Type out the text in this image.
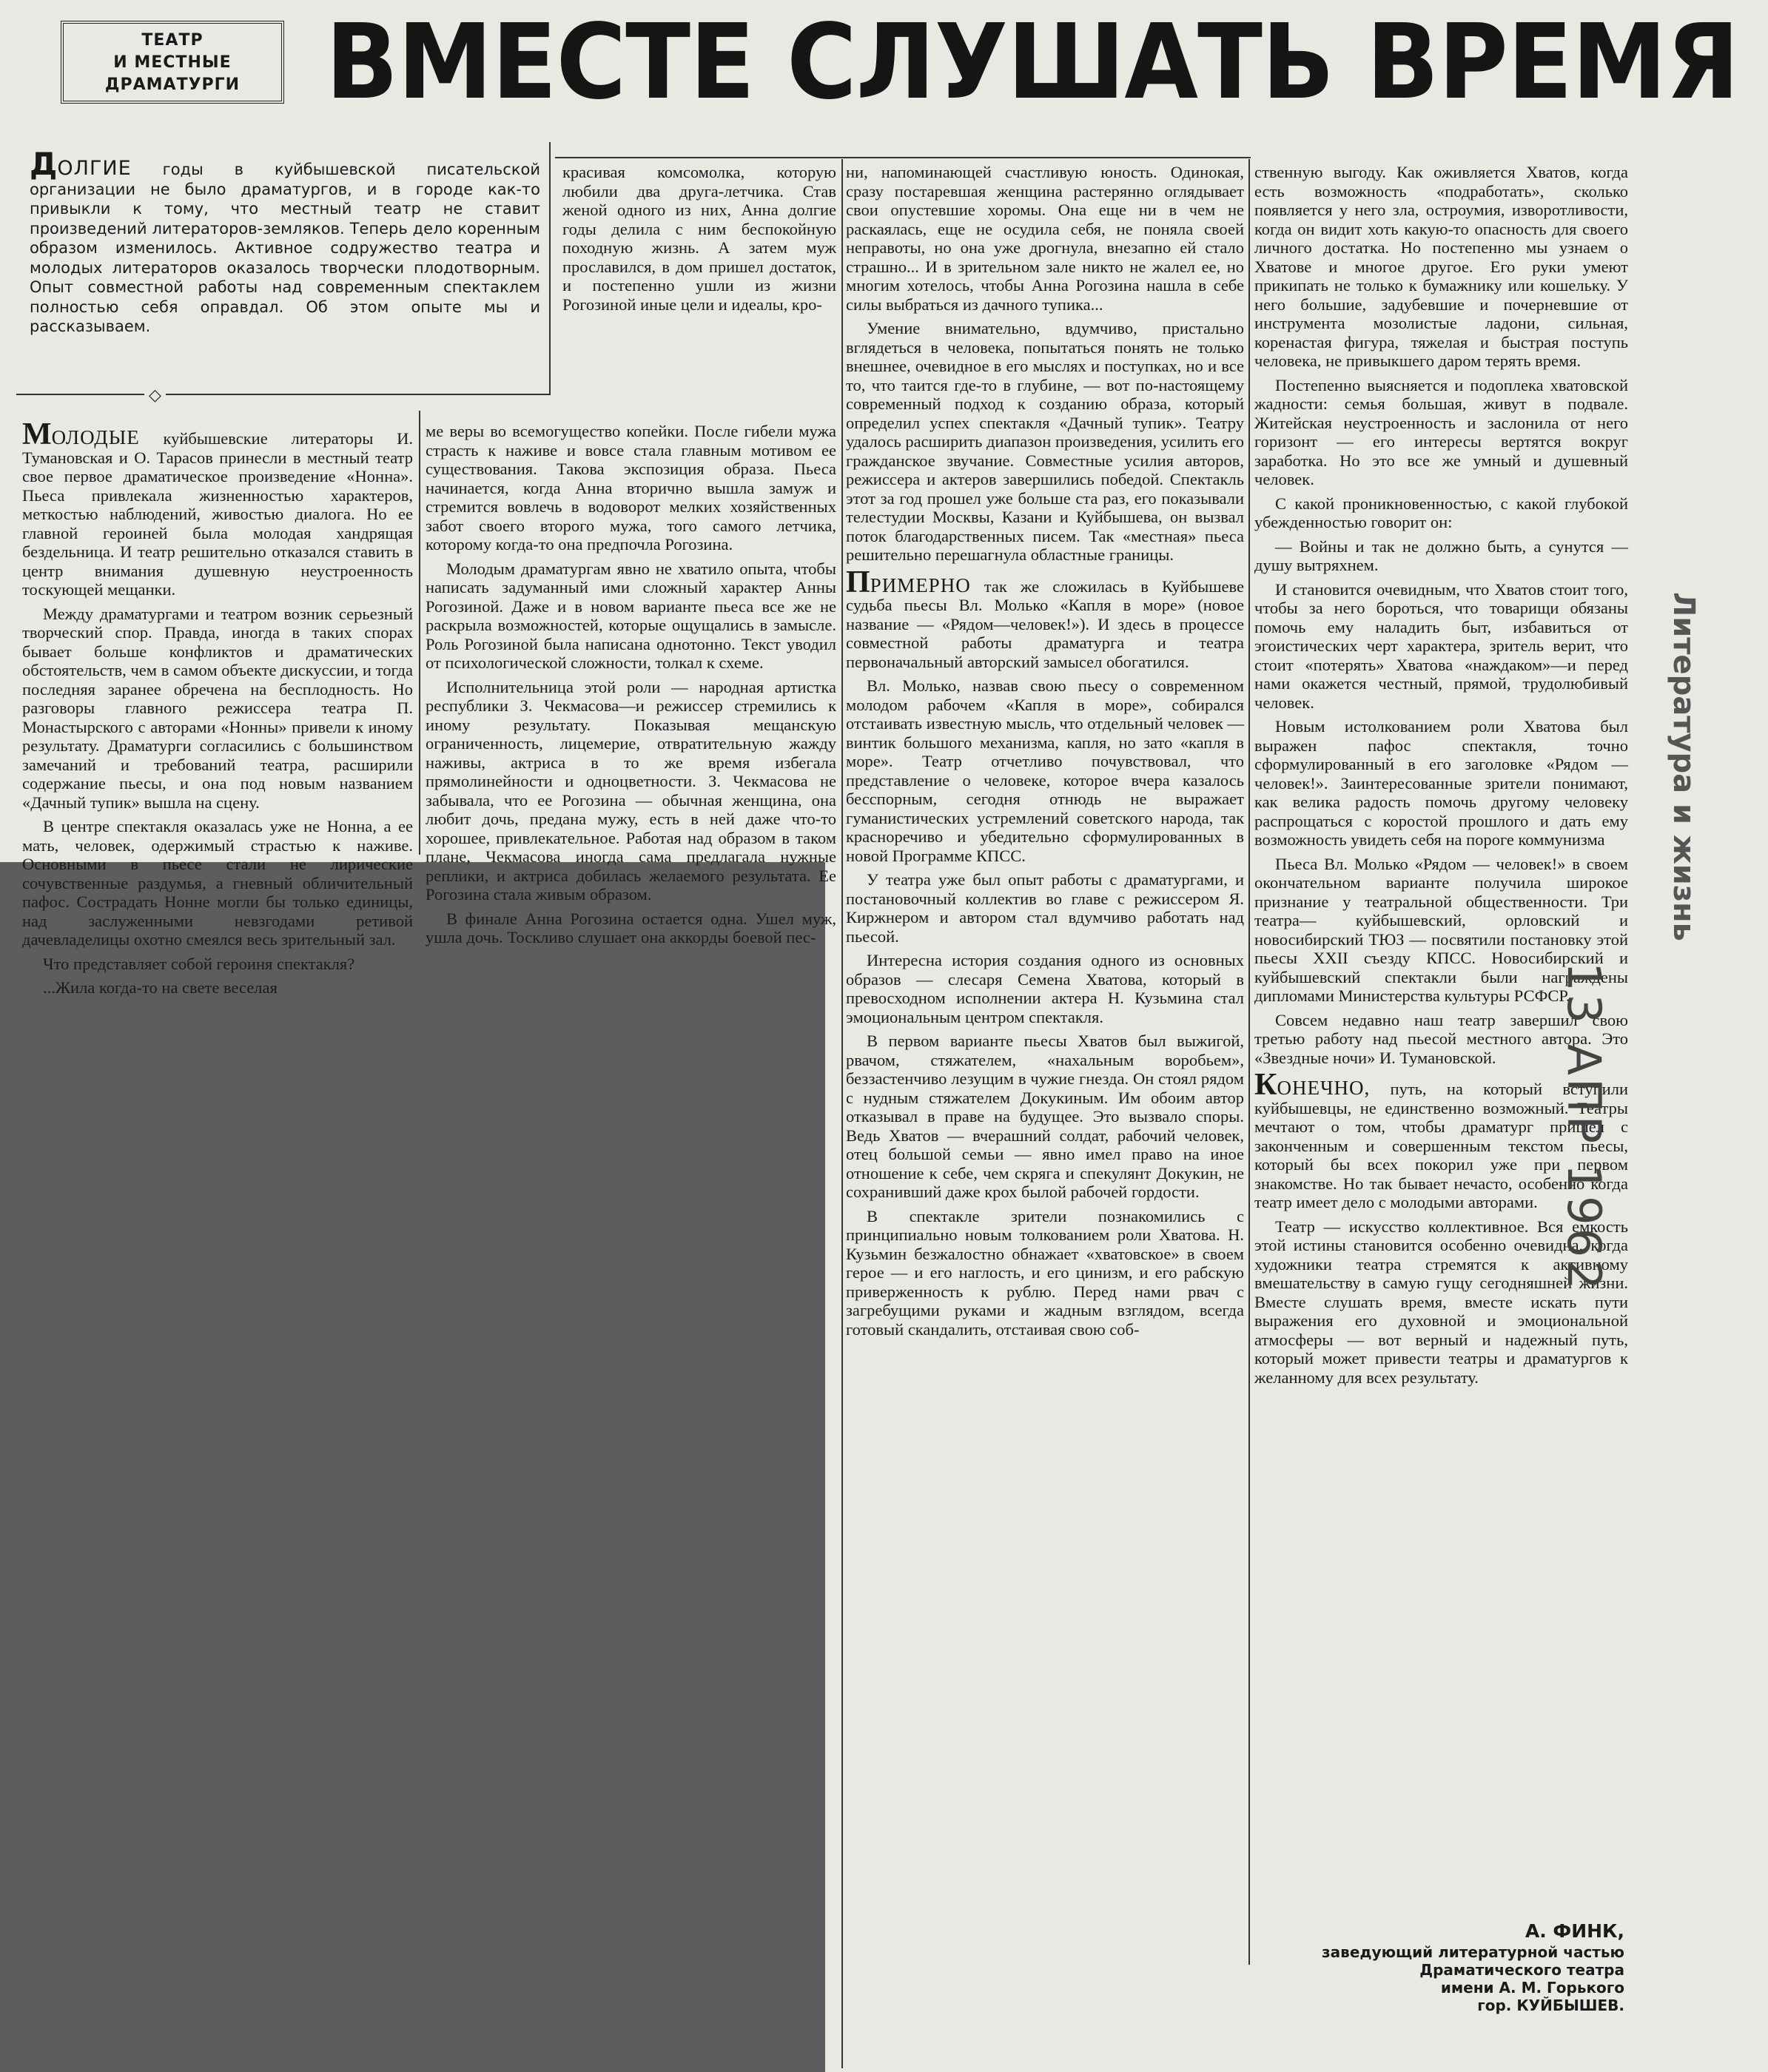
ТЕАТР
И МЕСТНЫЕ
ДРАМАТУРГИ ВМЕСТЕ СЛУШАТЬ ВРЕМЯ
ДОЛГИЕ годы в куйбышевской писательской организации не было драматургов, и в городе как-то привыкли к тому, что местный театр не ставит произведений литераторов-земляков. Теперь дело коренным образом изменилось. Активное содружество театра и молодых литераторов оказалось творчески плодотворным. Опыт совместной работы над современным спектаклем полностью себя оправдал. Об этом опыте мы и рассказываем.
◇

МОЛОДЫЕ куйбышевские литераторы И. Тумановская и О. Тарасов принесли в местный театр свое первое драматическое произведение «Нонна». Пьеса привлекала жизненностью характеров, меткостью наблюдений, живостью диалога. Но ее главной героиней была молодая хандрящая бездельница. И театр решительно отказался ставить в центр внимания душевную неустроенность тоскующей мещанки.

Между драматургами и театром возник серьезный творческий спор. Правда, иногда в таких спорах бывает больше конфликтов и драматических обстоятельств, чем в самом объекте дискуссии, и тогда последняя заранее обречена на бесплодность. Но разговоры главного режиссера театра П. Монастырского с авторами «Нонны» привели к иному результату. Драматурги согласились с большинством замечаний и требований театра, расширили содержание пьесы, и она под новым названием «Дачный тупик» вышла на сцену.

В центре спектакля оказалась уже не Нонна, а ее мать, человек, одержимый страстью к наживе. Основными в пьесе стали не лирические сочувственные раздумья, а гневный обличительный пафос. Сострадать Нонне могли бы только единицы, над заслуженными невзгодами ретивой дачевладелицы охотно смеялся весь зрительный зал.

Что представляет собой героиня спектакля?

...Жила когда-то на свете веселая

красивая комсомолка, которую любили два друга-летчика. Став женой одного из них, Анна долгие годы делила с ним беспокойную походную жизнь. А затем муж прославился, в дом пришел достаток, и постепенно ушли из жизни Рогозиной иные цели и идеалы, кро-

ме веры во всемогущество копейки. После гибели мужа страсть к наживе и вовсе стала главным мотивом ее существования. Такова экспозиция образа. Пьеса начинается, когда Анна вторично вышла замуж и стремится вовлечь в водоворот мелких хозяйственных забот своего второго мужа, того самого летчика, которому когда-то она предпочла Рогозина.

Молодым драматургам явно не хватило опыта, чтобы написать задуманный ими сложный характер Анны Рогозиной. Даже и в новом варианте пьеса все же не раскрыла возможностей, которые ощущались в замысле. Роль Рогозиной была написана однотонно. Текст уводил от психологической сложности, толкал к схеме.

Исполнительница этой роли — народная артистка республики З. Чекмасова—и режиссер стремились к иному результату. Показывая мещанскую ограниченность, лицемерие, отвратительную жажду наживы, актриса в то же время избегала прямолинейности и одноцветности. З. Чекмасова не забывала, что ее Рогозина — обычная женщина, она любит дочь, предана мужу, есть в ней даже что-то хорошее, привлекательное. Работая над образом в таком плане, Чекмасова иногда сама предлагала нужные реплики, и актриса добилась желаемого результата. Ее Рогозина стала живым образом.

В финале Анна Рогозина остается одна. Ушел муж, ушла дочь. Тоскливо слушает она аккорды боевой пес-

ни, напоминающей счастливую юность. Одинокая, сразу постаревшая женщина растерянно оглядывает свои опустевшие хоромы. Она еще ни в чем не раскаялась, еще не осудила себя, не поняла своей неправоты, но она уже дрогнула, внезапно ей стало страшно... И в зрительном зале никто не жалел ее, но многим хотелось, чтобы Анна Рогозина нашла в себе силы выбраться из дачного тупика...

Умение внимательно, вдумчиво, пристально вглядеться в человека, попытаться понять не только внешнее, очевидное в его мыслях и поступках, но и все то, что таится где-то в глубине, — вот по-настоящему современный подход к созданию образа, который определил успех спектакля «Дачный тупик». Театру удалось расширить диапазон произведения, усилить его гражданское звучание. Совместные усилия авторов, режиссера и актеров завершились победой. Спектакль этот за год прошел уже больше ста раз, его показывали телестудии Москвы, Казани и Куйбышева, он вызвал поток благодарственных писем. Так «местная» пьеса решительно перешагнула областные границы.

ПРИМЕРНО так же сложилась в Куйбышеве судьба пьесы Вл. Молько «Капля в море» (новое название — «Рядом—человек!»). И здесь в процессе совместной работы драматурга и театра первоначальный авторский замысел обогатился.

Вл. Молько, назвав свою пьесу о современном молодом рабочем «Капля в море», собирался отстаивать известную мысль, что отдельный человек — винтик большого механизма, капля, но зато «капля в море». Театр отчетливо почувствовал, что представление о человеке, которое вчера казалось бесспорным, сегодня отнюдь не выражает гуманистических устремлений советского народа, так красноречиво и убедительно сформулированных в новой Программе КПСС.

У театра уже был опыт работы с драматургами, и постановочный коллектив во главе с режиссером Я. Киржнером и автором стал вдумчиво работать над пьесой.

Интересна история создания одного из основных образов — слесаря Семена Хватова, который в превосходном исполнении актера Н. Кузьмина стал эмоциональным центром спектакля.

В первом варианте пьесы Хватов был выжигой, рвачом, стяжателем, «нахальным воробьем», беззастенчиво лезущим в чужие гнезда. Он стоял рядом с нудным стяжателем Докукиным. Им обоим автор отказывал в праве на будущее. Это вызвало споры. Ведь Хватов — вчерашний солдат, рабочий человек, отец большой семьи — явно имел право на иное отношение к себе, чем скряга и спекулянт Докукин, не сохранивший даже крох былой рабочей гордости.

В спектакле зрители познакомились с принципиально новым толкованием роли Хватова. Н. Кузьмин безжалостно обнажает «хватовское» в своем герое — и его наглость, и его цинизм, и его рабскую приверженность к рублю. Перед нами рвач с загребущими руками и жадным взглядом, всегда готовый скандалить, отстаивая свою соб-

ственную выгоду. Как оживляется Хватов, когда есть возможность «подработать», сколько появляется у него зла, остроумия, изворотливости, когда он видит хоть какую-то опасность для своего личного достатка. Но постепенно мы узнаем о Хватове и многое другое. Его руки умеют прикипать не только к бумажнику или кошельку. У него большие, задубевшие и почерневшие от инструмента мозолистые ладони, сильная, коренастая фигура, тяжелая и быстрая поступь человека, не привыкшего даром терять время.

Постепенно выясняется и подоплека хватовской жадности: семья большая, живут в подвале. Житейская неустроенность и заслонила от него горизонт — его интересы вертятся вокруг заработка. Но это все же умный и душевный человек.

С какой проникновенностью, с какой глубокой убежденностью говорит он:

— Войны и так не должно быть, а сунутся — душу вытряхнем.

И становится очевидным, что Хватов стоит того, чтобы за него бороться, что товарищи обязаны помочь ему наладить быт, избавиться от эгоистических черт характера, зритель верит, что стоит «потерять» Хватова «наждаком»—и перед нами окажется честный, прямой, трудолюбивый человек.

Новым истолкованием роли Хватова был выражен пафос спектакля, точно сформулированный в его заголовке «Рядом — человек!». Заинтересованные зрители понимают, как велика радость помочь другому человеку распрощаться с коростой прошлого и дать ему возможность увидеть себя на пороге коммунизма

Пьеса Вл. Молько «Рядом — человек!» в своем окончательном варианте получила широкое признание у театральной общественности. Три театра— куйбышевский, орловский и новосибирский ТЮЗ — посвятили постановку этой пьесы XXII съезду КПСС. Новосибирский и куйбышевский спектакли были награждены дипломами Министерства культуры РСФСР.

Совсем недавно наш театр завершил свою третью работу над пьесой местного автора. Это «Звездные ночи» И. Тумановской.

КОНЕЧНО, путь, на который вступили куйбышевцы, не единственно возможный. Театры мечтают о том, чтобы драматург пришел с законченным и совершенным текстом пьесы, который бы всех покорил уже при первом знакомстве. Но так бывает нечасто, особенно когда театр имеет дело с молодыми авторами.

Театр — искусство коллективное. Вся емкость этой истины становится особенно очевидна, когда художники театра стремятся к активному вмешательству в самую гущу сегодняшней жизни. Вместе слушать время, вместе искать пути выражения его духовной и эмоциональной атмосферы — вот верный и надежный путь, который может привести театры и драматургов к желанному для всех результату.

А. ФИНК,
заведующий литературной частью
Драматического театра
имени А. М. Горького
гор. КУЙБЫШЕВ.
Литература и жизнь
13 АПР 1962
